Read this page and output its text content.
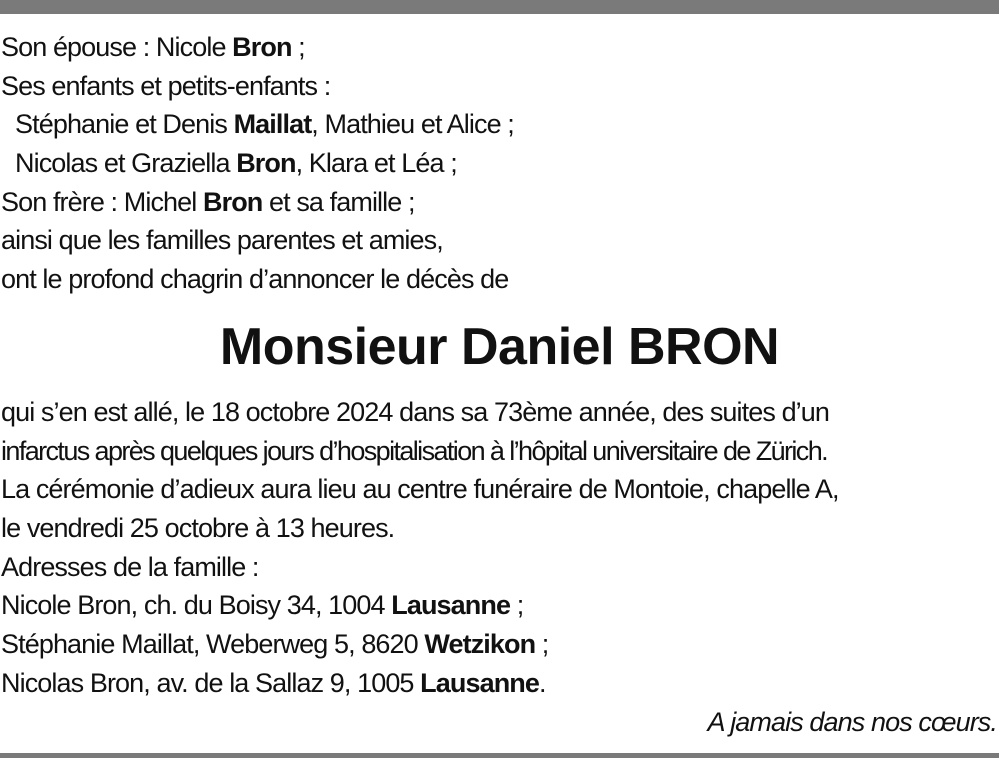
Son épouse : Nicole Bron ;
Ses enfants et petits-enfants :
Stéphanie et Denis Maillat, Mathieu et Alice ;
Nicolas et Graziella Bron, Klara et Léa ;
Son frère : Michel Bron et sa famille ;
ainsi que les familles parentes et amies,
ont le profond chagrin d’annoncer le décès de
Monsieur Daniel BRON
qui s’en est allé, le 18 octobre 2024 dans sa 73ème année, des suites d’un
infarctus après quelques jours d’hospitalisation à l’hôpital universitaire de Zürich.
La cérémonie d’adieux aura lieu au centre funéraire de Montoie, chapelle A,
le vendredi 25 octobre à 13 heures.
Adresses de la famille :
Nicole Bron, ch. du Boisy 34, 1004 Lausanne ;
Stéphanie Maillat, Weberweg 5, 8620 Wetzikon ;
Nicolas Bron, av. de la Sallaz 9, 1005 Lausanne.
A jamais dans nos cœurs.
